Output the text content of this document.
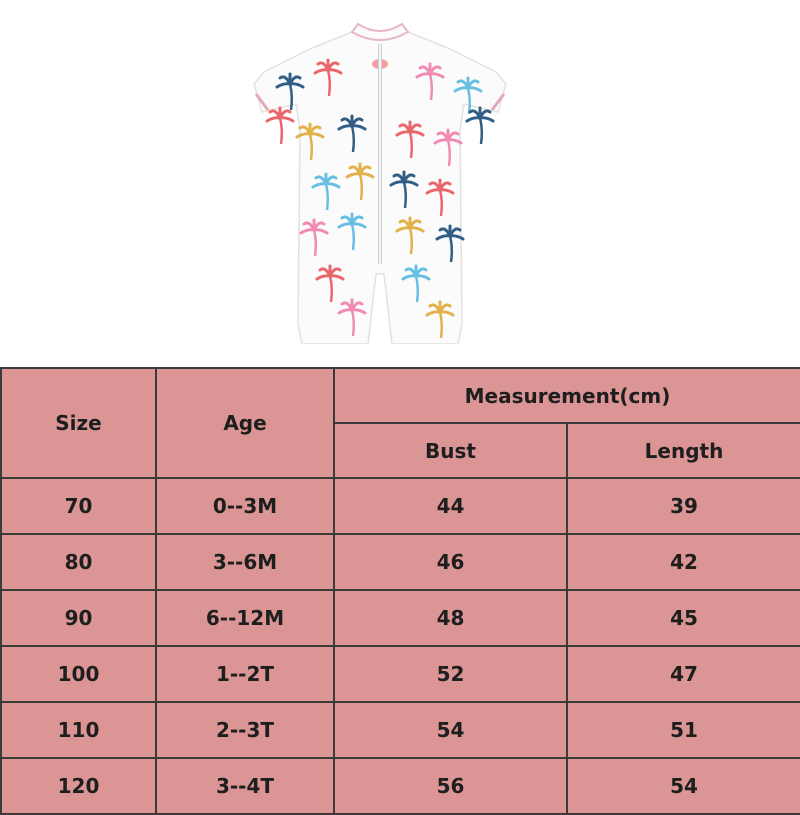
Size	Age	Measurement(cm)	
		Bust	Length
70	0--3M	44	39
80	3--6M	46	42
90	6--12M	48	45
100	1--2T	52	47
110	2--3T	54	51
120	3--4T	56	54
